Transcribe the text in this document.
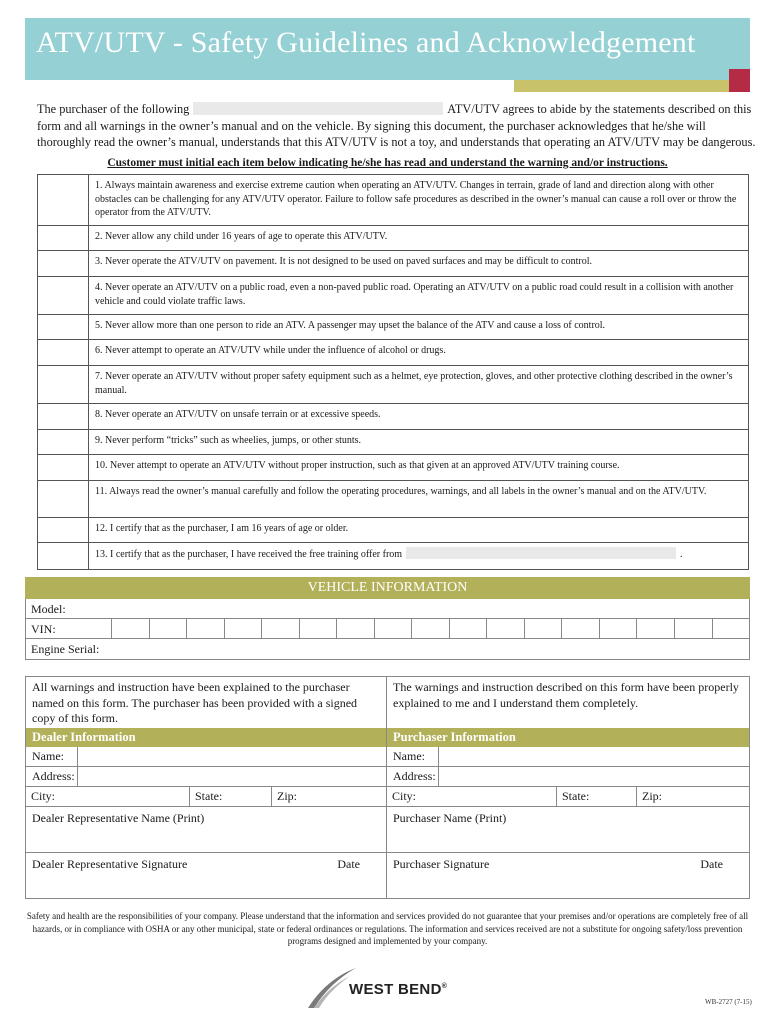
ATV/UTV - Safety Guidelines and Acknowledgement
The purchaser of the following	ATV/UTV agrees to abide by the statements described on this form and all warnings in the owner’s manual and on the vehicle. By signing this document, the purchaser acknowledges that he/she will thoroughly read the owner’s manual, understands that this ATV/UTV is not a toy, and understands that operating an ATV/UTV may be dangerous.
Customer must initial each item below indicating he/she has read and understand the warning and/or instructions.
1. Always maintain awareness and exercise extreme caution when operating an ATV/UTV. Changes in terrain, grade of land and direction along with other obstacles can be challenging for any ATV/UTV operator. Failure to follow safe procedures as described in the owner’s manual can cause a roll over or throw the operator from the ATV/UTV.
2. Never allow any child under 16 years of age to operate this ATV/UTV.
3. Never operate the ATV/UTV on pavement. It is not designed to be used on paved surfaces and may be difficult to control.
4. Never operate an ATV/UTV on a public road, even a non-paved public road. Operating an ATV/UTV on a public road could result in a collision with another vehicle and could violate traffic laws.
5. Never allow more than one person to ride an ATV. A passenger may upset the balance of the ATV and cause a loss of control.
6. Never attempt to operate an ATV/UTV while under the influence of alcohol or drugs.
7. Never operate an ATV/UTV without proper safety equipment such as a helmet, eye protection, gloves, and other protective clothing described in the owner’s manual.
8. Never operate an ATV/UTV on unsafe terrain or at excessive speeds.
9. Never perform “tricks” such as wheelies, jumps, or other stunts.
10. Never attempt to operate an ATV/UTV without proper instruction, such as that given at an approved ATV/UTV training course.
11. Always read the owner’s manual carefully and follow the operating procedures, warnings, and all labels in the owner’s manual and on the ATV/UTV.
12. I certify that as the purchaser, I am 16 years of age or older.
13. I certify that as the purchaser, I have received the free training offer from	.
VEHICLE INFORMATION
Model:
VIN:
Engine Serial:
All warnings and instruction have been explained to the purchaser named on this form. The purchaser has been provided with a signed copy of this form.
The warnings and instruction described on this form have been properly explained to me and I understand them completely.
Dealer Information
Name:
Address:
City:	State:	Zip:
Dealer Representative Name (Print)
Dealer Representative Signature	Date
Purchaser Information
Name:
Address:
City:	State:	Zip:
Purchaser Name (Print)
Purchaser Signature	Date
Safety and health are the responsibilities of your company. Please understand that the information and services provided do not guarantee that your premises and/or operations are completely free of all hazards, or in compliance with OSHA or any other municipal, state or federal ordinances or regulations. The information and services received are not a substitute for ongoing safety/loss prevention programs designed and implemented by your company.
WEST BEND®
WB-2727 (7-15)
